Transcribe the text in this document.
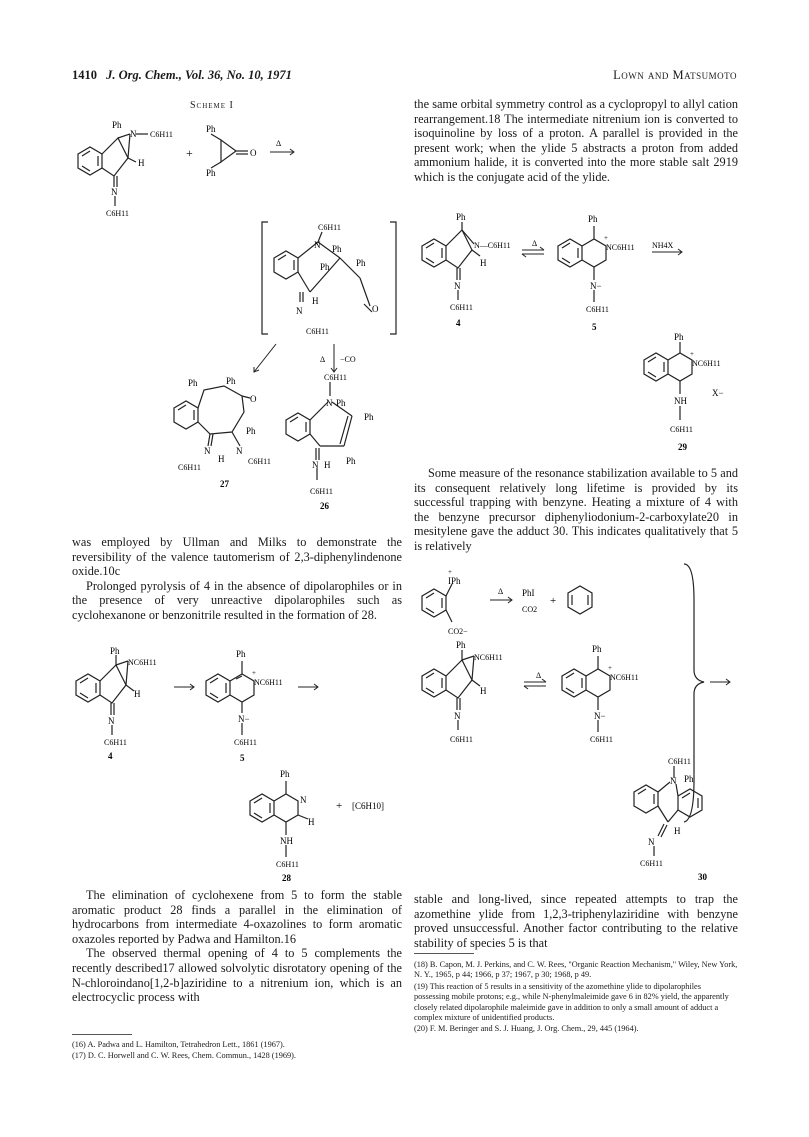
1410 J. Org. Chem., Vol. 36, No. 10, 1971	Lown and Matsumoto
Scheme I
Ph
N C6H11
H
N
C6H11
+
Ph
Ph
O
Δ
C6H11
N Ph
Ph	Ph
H
O
N
C6H11
−CO
Δ
Ph	Ph
O
Ph
N
H
N
C6H11
C6H11
27
C6H11
N Ph
Ph
Ph
N H
C6H11
26

was employed by Ullman and Milks to demonstrate the reversibility of the valence tautomerism of 2,3-diphenylindenone oxide.10c

Prolonged pyrolysis of 4 in the absence of dipolarophiles or in the presence of very unreactive dipolarophiles such as cyclohexanone or benzonitrile resulted in the formation of 28.

Ph
NC6H11
H
N
C6H11
4
Ph
+
NC6H11
N−
C6H11
5
Ph
N
H
NH
C6H11
28
+ [C6H10]

The elimination of cyclohexene from 5 to form the stable aromatic product 28 finds a parallel in the elimination of hydrocarbons from intermediate 4-oxazolines to form aromatic oxazoles reported by Padwa and Hamilton.16

The observed thermal opening of 4 to 5 complements the recently described17 allowed solvolytic disrotatory opening of the N-chloroindano[1,2-b]aziridine to a nitrenium ion, which is an electrocyclic process with

(16) A. Padwa and L. Hamilton, Tetrahedron Lett., 1861 (1967).
(17) D. C. Horwell and C. W. Rees, Chem. Commun., 1428 (1969).

the same orbital symmetry control as a cyclopropyl to allyl cation rearrangement.18 The intermediate nitrenium ion is converted to isoquinoline by loss of a proton. A parallel is provided in the present work; when the ylide 5 abstracts a proton from added ammonium halide, it is converted into the more stable salt 2919 which is the conjugate acid of the ylide.

Ph
N—C6H11
H
N
C6H11
4
Δ
Ph
+
NC6H11
N−
C6H11
5
NH4X
Ph
+
NC6H11
X−
NH
C6H11
29

Some measure of the resonance stabilization available to 5 and its consequent relatively long lifetime is provided by its successful trapping with benzyne. Heating a mixture of 4 with the benzyne precursor diphenyliodonium-2-carboxylate20 in mesitylene gave the adduct 30. This indicates qualitatively that 5 is relatively

+
IPh
CO2−
Δ PhI
CO2
+
Ph
NC6H11
H
N
C6H11
Δ
Ph
+
NC6H11
N−
C6H11
C6H11
N Ph
H
N
C6H11
30

stable and long-lived, since repeated attempts to trap the azomethine ylide from 1,2,3-triphenylaziridine with benzyne proved unsuccessful. Another factor contributing to the relative stability of species 5 is that

(18) B. Capon, M. J. Perkins, and C. W. Rees, "Organic Reaction Mechanism," Wiley, New York, N. Y., 1965, p 44; 1966, p 37; 1967, p 30; 1968, p 49.
(19) This reaction of 5 results in a sensitivity of the azomethine ylide to dipolarophiles possessing mobile protons; e.g., while N-phenylmaleimide gave 6 in 82% yield, the apparently closely related dipolarophile maleimide gave in addition to only a small amount of adduct a complex mixture of unidentified products.
(20) F. M. Beringer and S. J. Huang, J. Org. Chem., 29, 445 (1964).
